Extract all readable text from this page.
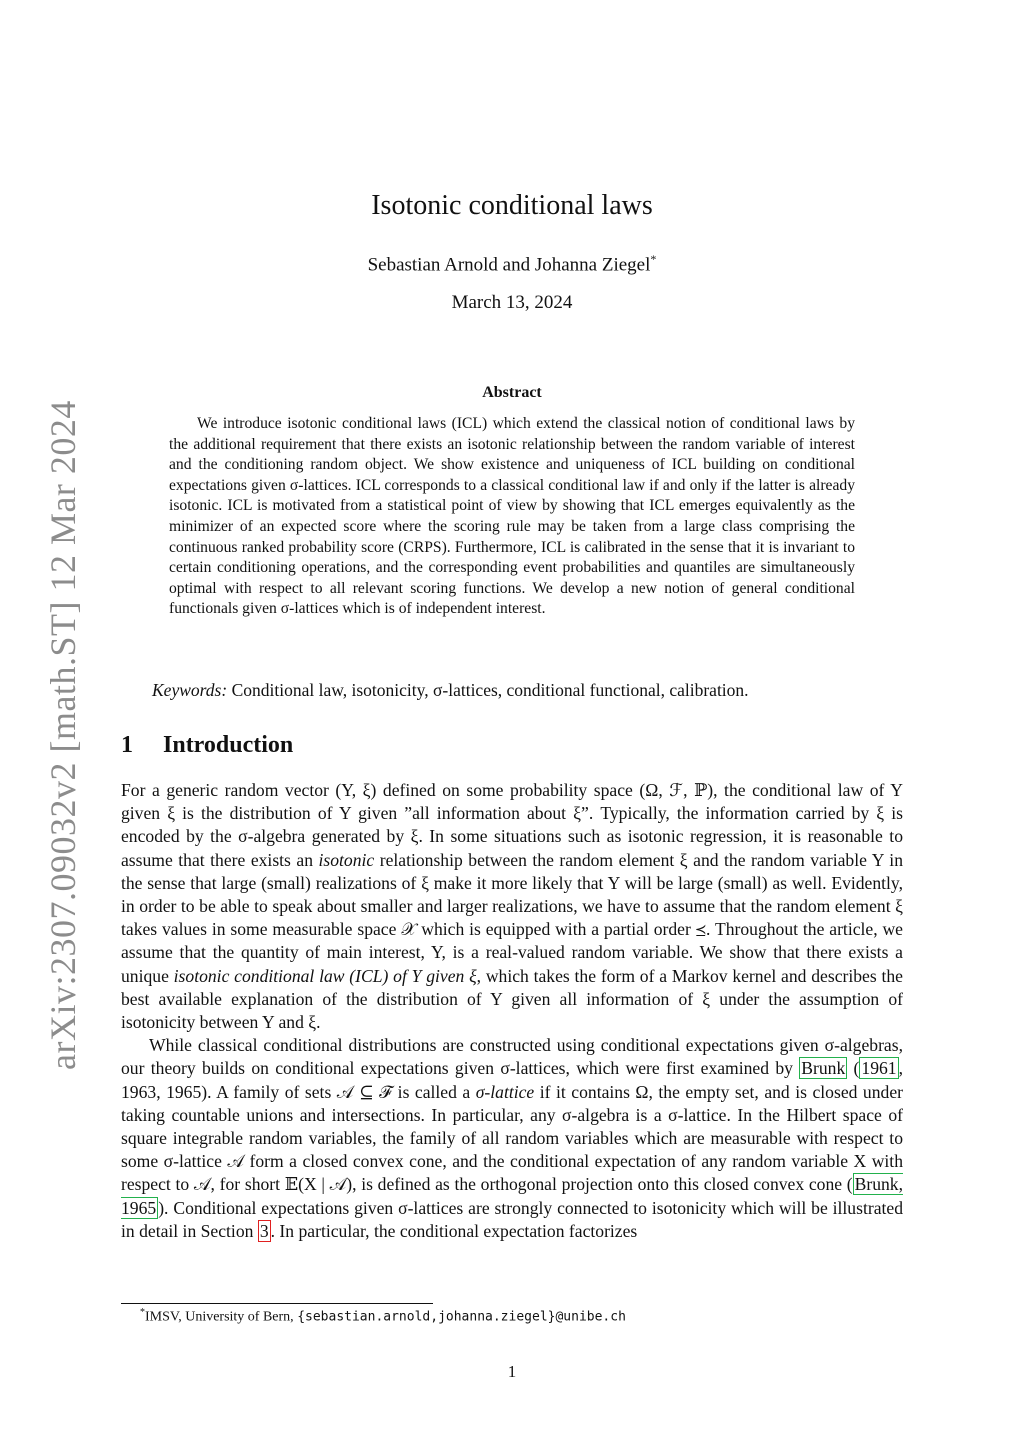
arXiv:2307.09032v2 [math.ST] 12 Mar 2024
Isotonic conditional laws
Sebastian Arnold and Johanna Ziegel*
March 13, 2024
Abstract

We introduce isotonic conditional laws (ICL) which extend the classical notion of conditional laws by the additional requirement that there exists an isotonic relationship between the random variable of interest and the conditioning random object. We show existence and uniqueness of ICL building on conditional expectations given σ-lattices. ICL corresponds to a classical conditional law if and only if the latter is already isotonic. ICL is motivated from a statistical point of view by showing that ICL emerges equivalently as the minimizer of an expected score where the scoring rule may be taken from a large class comprising the continuous ranked probability score (CRPS). Furthermore, ICL is calibrated in the sense that it is invariant to certain conditioning operations, and the corresponding event probabilities and quantiles are simultaneously optimal with respect to all relevant scoring functions. We develop a new notion of general conditional functionals given σ-lattices which is of independent interest.

Keywords: Conditional law, isotonicity, σ-lattices, conditional functional, calibration.
1 Introduction

For a generic random vector (Y, ξ) defined on some probability space (Ω, ℱ, ℙ), the conditional law of Y given ξ is the distribution of Y given ”all information about ξ”. Typically, the information carried by ξ is encoded by the σ-algebra generated by ξ. In some situations such as isotonic regression, it is reasonable to assume that there exists an isotonic relationship between the random element ξ and the random variable Y in the sense that large (small) realizations of ξ make it more likely that Y will be large (small) as well. Evidently, in order to be able to speak about smaller and larger realizations, we have to assume that the random element ξ takes values in some measurable space 𝒳 which is equipped with a partial order ⪯. Throughout the article, we assume that the quantity of main interest, Y, is a real-valued random variable. We show that there exists a unique isotonic conditional law (ICL) of Y given ξ, which takes the form of a Markov kernel and describes the best available explanation of the distribution of Y given all information of ξ under the assumption of isotonicity between Y and ξ.

While classical conditional distributions are constructed using conditional expectations given σ-algebras, our theory builds on conditional expectations given σ-lattices, which were first examined by Brunk ( 1961 , 1963, 1965). A family of sets 𝒜 ⊆ ℱ is called a σ-lattice if it contains Ω, the empty set, and is closed under taking countable unions and intersections. In particular, any σ-algebra is a σ-lattice. In the Hilbert space of square integrable random variables, the family of all random variables which are measurable with respect to some σ-lattice 𝒜 form a closed convex cone, and the conditional expectation of any random variable X with respect to 𝒜, for short 𝔼(X | 𝒜), is defined as the orthogonal projection onto this closed convex cone ( Brunk, 1965 ). Conditional expectations given σ-lattices are strongly connected to isotonicity which will be illustrated in detail in Section 3 . In particular, the conditional expectation factorizes

*IMSV, University of Bern, {sebastian.arnold,johanna.ziegel}@unibe.ch
1
